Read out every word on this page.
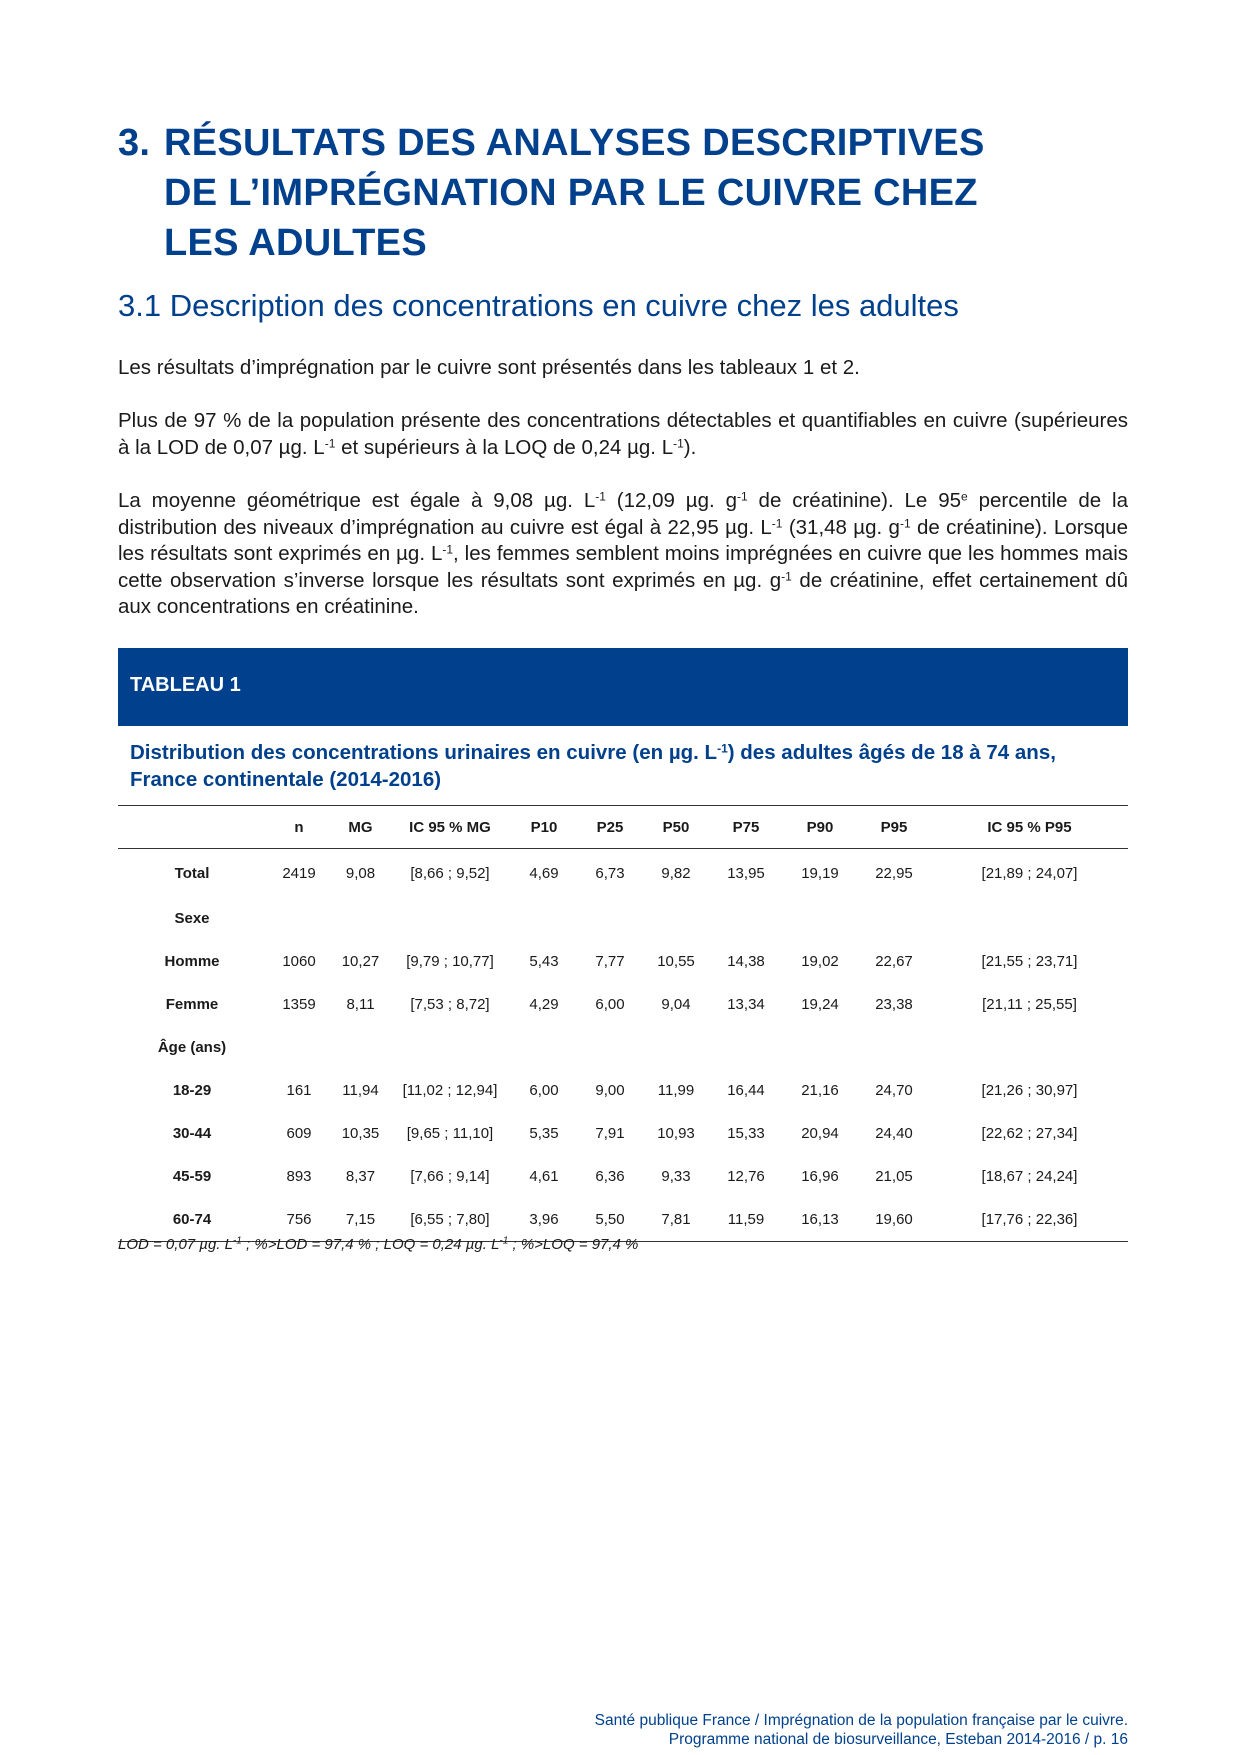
3. RÉSULTATS DES ANALYSES DESCRIPTIVES
DE L’IMPRÉGNATION PAR LE CUIVRE CHEZ
LES ADULTES
3.1 Description des concentrations en cuivre chez les adultes

Les résultats d’imprégnation par le cuivre sont présentés dans les tableaux 1 et 2.

Plus de 97 % de la population présente des concentrations détectables et quantifiables en cuivre (supérieures à la LOD de 0,07 µg. $L^{-1}$ et supérieurs à la LOQ de 0,24 µg. $L^{-1}$).

La moyenne géométrique est égale à 9,08 µg. $L^{-1}$ (12,09 µg. $g^{-1}$ de créatinine). Le 95e percentile de la distribution des niveaux d’imprégnation au cuivre est égal à 22,95 µg. $L^{-1}$ (31,48 µg. $g^{-1}$ de créatinine). Lorsque les résultats sont exprimés en µg. $L^{-1}$, les femmes semblent moins imprégnées en cuivre que les hommes mais cette observation s’inverse lorsque les résultats sont exprimés en µg. $g^{-1}$ de créatinine, effet certainement dû aux concentrations en créatinine.

TABLEAU 1

Distribution des concentrations urinaires en cuivre (en µg. $L^{-1}$) des adultes âgés de 18 à 74 ans, France continentale (2014-2016)

	n	MG	IC 95 % MG	P10	P25	P50	P75	P90	P95	IC 95 % P95
Total	2419	9,08	[8,66 ; 9,52]	4,69	6,73	9,82	13,95	19,19	22,95	[21,89 ; 24,07]
Sexe										
Homme	1060	10,27	[9,79 ; 10,77]	5,43	7,77	10,55	14,38	19,02	22,67	[21,55 ; 23,71]
Femme	1359	8,11	[7,53 ; 8,72]	4,29	6,00	9,04	13,34	19,24	23,38	[21,11 ; 25,55]
Âge (ans)										
18-29	161	11,94	[11,02 ; 12,94]	6,00	9,00	11,99	16,44	21,16	24,70	[21,26 ; 30,97]
30-44	609	10,35	[9,65 ; 11,10]	5,35	7,91	10,93	15,33	20,94	24,40	[22,62 ; 27,34]
45-59	893	8,37	[7,66 ; 9,14]	4,61	6,36	9,33	12,76	16,96	21,05	[18,67 ; 24,24]
60-74	756	7,15	[6,55 ; 7,80]	3,96	5,50	7,81	11,59	16,13	19,60	[17,76 ; 22,36]
LOD = 0,07 µg. $L^{-1}$ ; %>LOD = 97,4 % ; LOQ = 0,24 µg. $L^{-1}$ ; %>LOQ = 97,4 %
Santé publique France / Imprégnation de la population française par le cuivre.
Programme national de biosurveillance, Esteban 2014-2016 / p. 16
